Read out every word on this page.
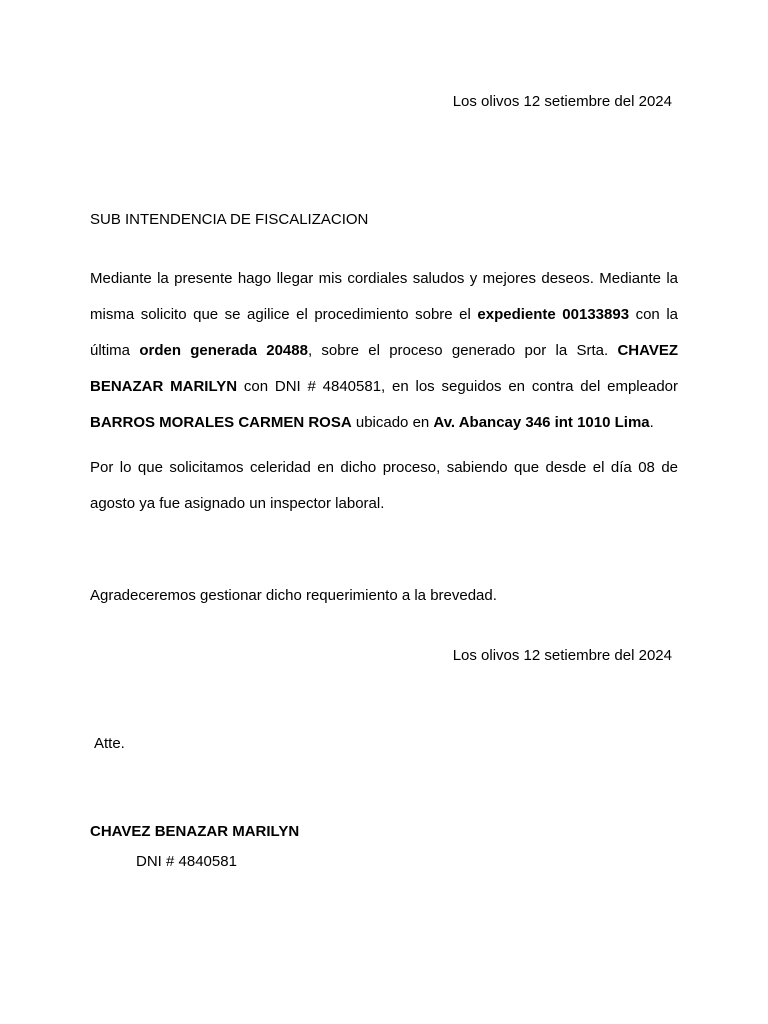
Los olivos 12 setiembre del 2024
SUB INTENDENCIA DE FISCALIZACION

Mediante la presente hago llegar mis cordiales saludos y mejores deseos. Mediante la misma solicito que se agilice el procedimiento sobre el expediente 00133893 con la última orden generada 20488, sobre el proceso generado por la Srta. CHAVEZ BENAZAR MARILYN con DNI # 4840581, en los seguidos en contra del empleador BARROS MORALES CARMEN ROSA ubicado en Av. Abancay 346 int 1010 Lima.

Por lo que solicitamos celeridad en dicho proceso, sabiendo que desde el día 08 de agosto ya fue asignado un inspector laboral.

Agradeceremos gestionar dicho requerimiento a la brevedad.
Los olivos 12 setiembre del 2024
Atte.
CHAVEZ BENAZAR MARILYN
DNI # 4840581
